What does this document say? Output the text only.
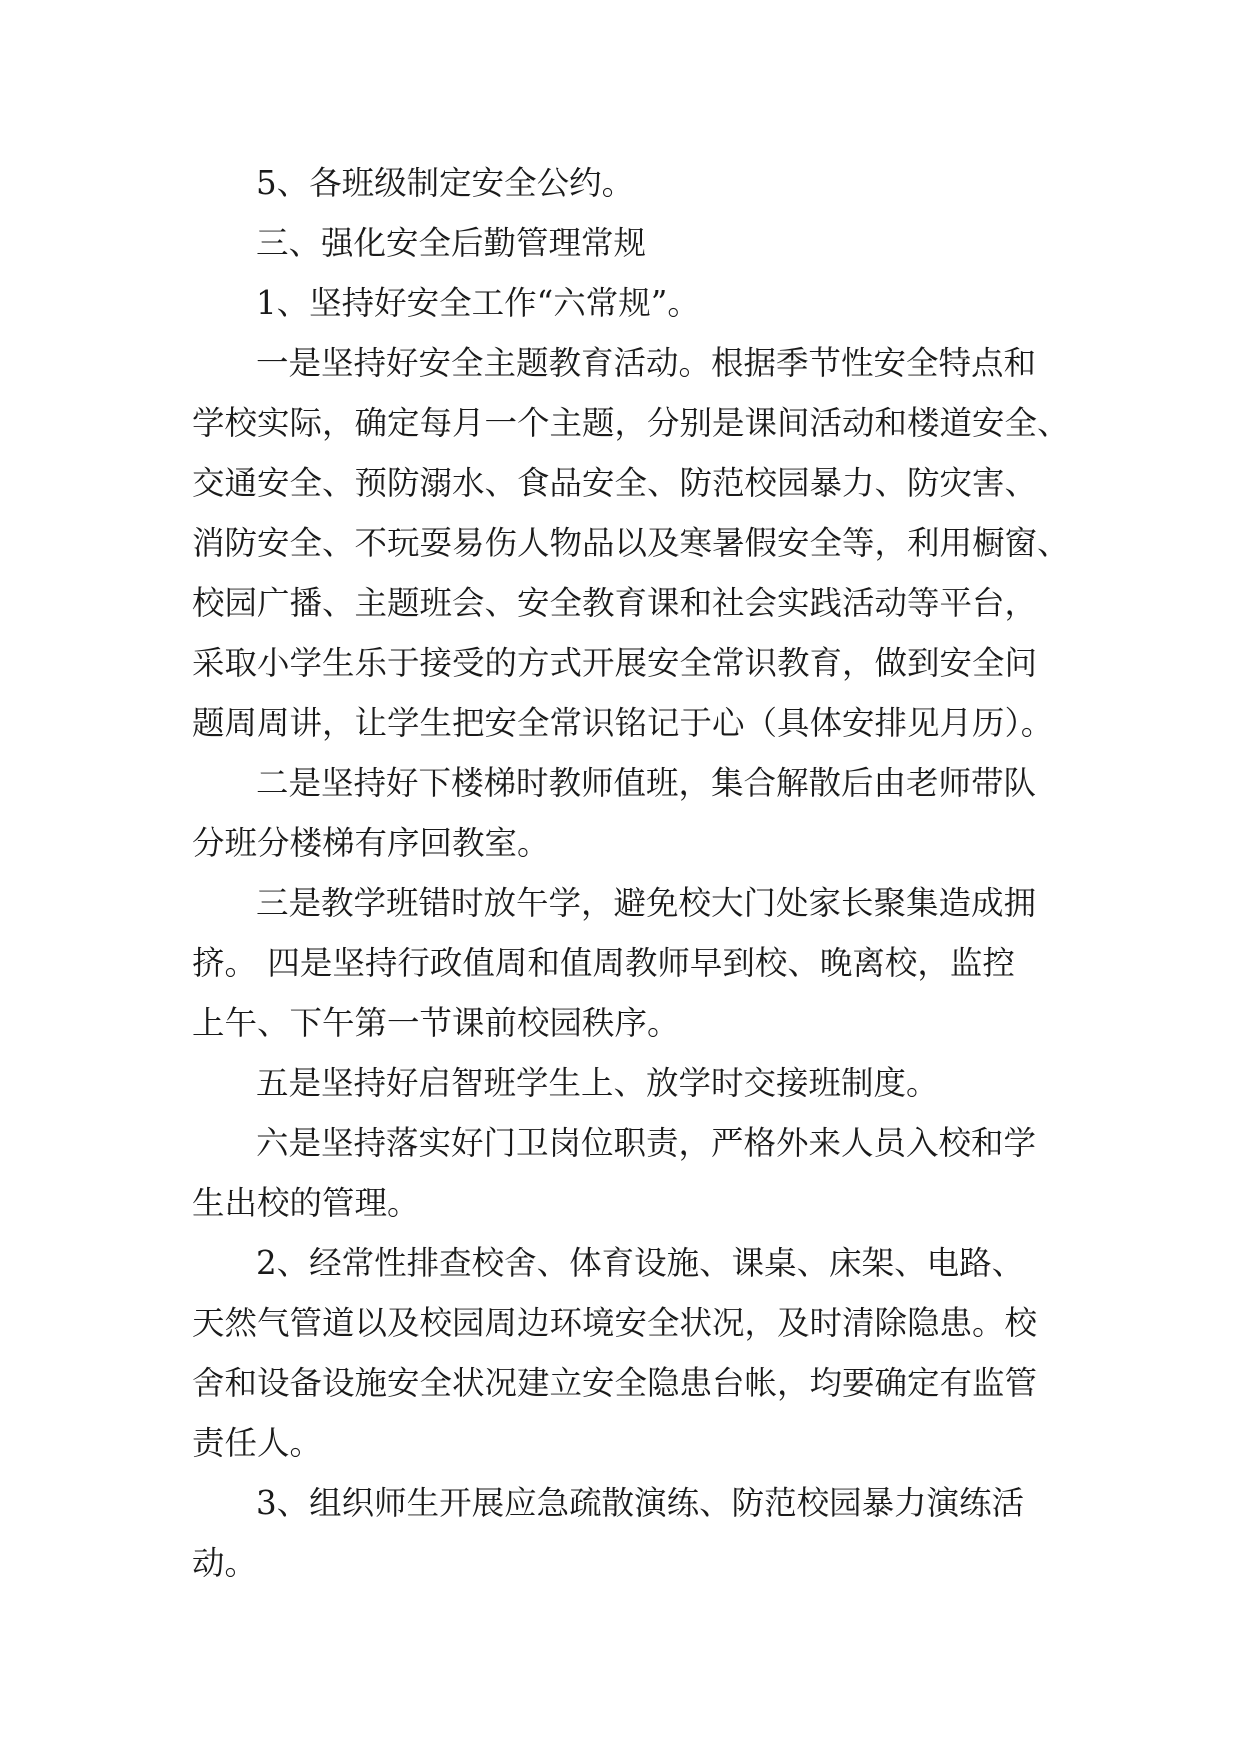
5、各班级制定安全公约。
三、强化安全后勤管理常规
1、坚持好安全工作“六常规”。
一是坚持好安全主题教育活动。根据季节性安全特点和
学校实际，确定每月一个主题，分别是课间活动和楼道安全、
交通安全、预防溺水、食品安全、防范校园暴力、防灾害、
消防安全、不玩耍易伤人物品以及寒暑假安全等，利用橱窗、
校园广播、主题班会、安全教育课和社会实践活动等平台，
采取小学生乐于接受的方式开展安全常识教育，做到安全问
题周周讲，让学生把安全常识铭记于心（具体安排见月历）。
二是坚持好下楼梯时教师值班，集合解散后由老师带队
分班分楼梯有序回教室。
三是教学班错时放午学，避免校大门处家长聚集造成拥
挤。 四是坚持行政值周和值周教师早到校、晚离校，监控
上午、下午第一节课前校园秩序。
五是坚持好启智班学生上、放学时交接班制度。
六是坚持落实好门卫岗位职责，严格外来人员入校和学
生出校的管理。
2、经常性排查校舍、体育设施、课桌、床架、电路、
天然气管道以及校园周边环境安全状况，及时清除隐患。校
舍和设备设施安全状况建立安全隐患台帐，均要确定有监管
责任人。
3、组织师生开展应急疏散演练、防范校园暴力演练活
动。
